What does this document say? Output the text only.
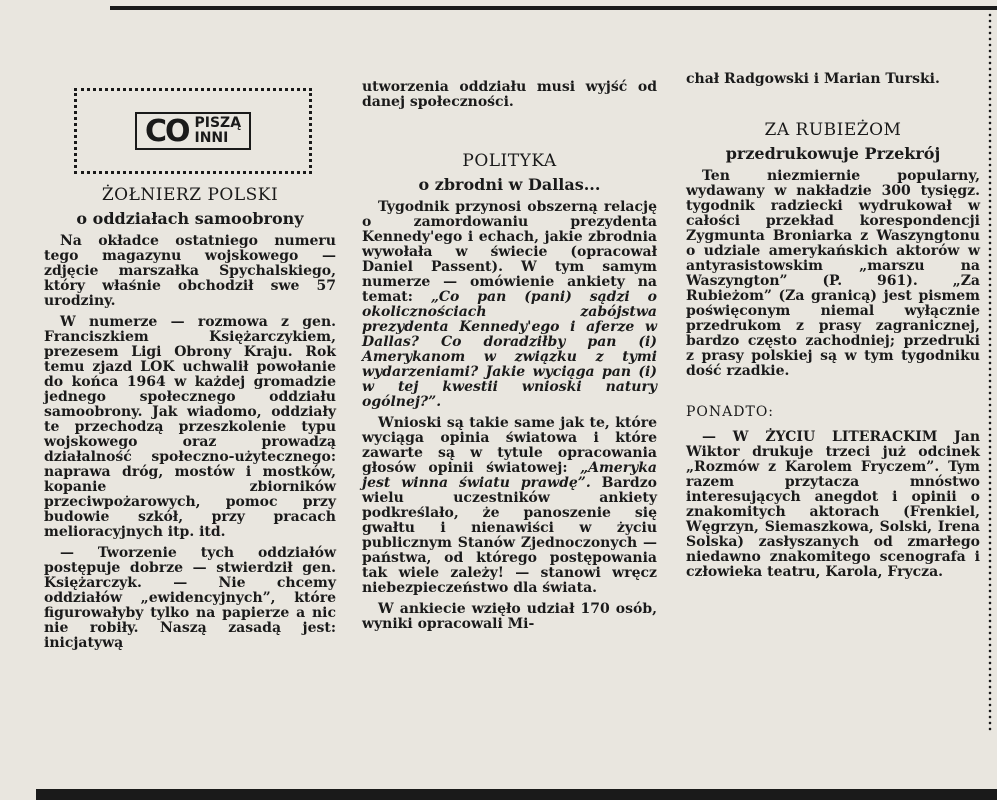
CO PISZĄ
INNI
ŻOŁNIERZ POLSKI
o oddziałach samoobrony

Na okładce ostatniego numeru tego magazynu wojskowego — zdjęcie marszałka Spychalskiego, który właśnie obchodził swe 57 urodziny.

W numerze — rozmowa z gen. Franciszkiem Księżarczykiem, prezesem Ligi Obrony Kraju. Rok temu zjazd LOK uchwalił powołanie do końca 1964 w każdej gromadzie jednego społecznego oddziału samoobrony. Jak wiadomo, oddziały te przechodzą przeszkolenie typu wojskowego oraz prowadzą działalność społeczno-użytecznego: naprawa dróg, mostów i mostków, kopanie zbiorników przeciwpożarowych, pomoc przy budowie szkół, przy pracach melioracyjnych itp. itd.

— Tworzenie tych oddziałów postępuje dobrze — stwierdził gen. Księżarczyk. — Nie chcemy oddziałów „ewidencyjnych”, które figurowałyby tylko na papierze a nic nie robiły. Naszą zasadą jest: inicjatywą

utworzenia oddziału musi wyjść od danej społeczności.

POLITYKA
o zbrodni w Dallas...

Tygodnik przynosi obszerną relację o zamordowaniu prezydenta Kennedy'ego i echach, jakie zbrodnia wywołała w świecie (opracował Daniel Passent). W tym samym numerze — omówienie ankiety na temat: „Co pan (pani) sądzi o okolicznościach zabójstwa prezydenta Kennedy'ego i aferze w Dallas? Co doradziłby pan (i) Amerykanom w związku z tymi wydarzeniami? Jakie wyciąga pan (i) w tej kwestii wnioski natury ogólnej?”.

Wnioski są takie same jak te, które wyciąga opinia światowa i które zawarte są w tytule opracowania głosów opinii światowej: „Ameryka jest winna światu prawdę”. Bardzo wielu uczestników ankiety podkreślało, że panoszenie się gwałtu i nienawiści w życiu publicznym Stanów Zjednoczonych — państwa, od którego postępowania tak wiele zależy! — stanowi wręcz niebezpieczeństwo dla świata.

W ankiecie wzięło udział 170 osób, wyniki opracowali Mi-

chał Radgowski i Marian Turski.

ZA RUBIEŻOM
przedrukowuje Przekrój

Ten niezmiernie popularny, wydawany w nakładzie 300 tysięgz. tygodnik radziecki wydrukował w całości przekład korespondencji Zygmunta Broniarka z Waszyngtonu o udziale amerykańskich aktorów w antyrasistowskim „marszu na Waszyngton” (P. 961). „Za Rubieżom” (Za granicą) jest pismem poświęconym niemal wyłącznie przedrukom z prasy zagranicznej, bardzo często zachodniej; przedruki z prasy polskiej są w tym tygodniku dość rzadkie.

PONADTO:

— W ŻYCIU LITERACKIM Jan Wiktor drukuje trzeci już odcinek „Rozmów z Karolem Fryczem”. Tym razem przytacza mnóstwo interesujących anegdot i opinii o znakomitych aktorach (Frenkiel, Węgrzyn, Siemaszkowa, Solski, Irena Solska) zasłyszanych od zmarłego niedawno znakomitego scenografa i człowieka teatru, Karola, Frycza.
